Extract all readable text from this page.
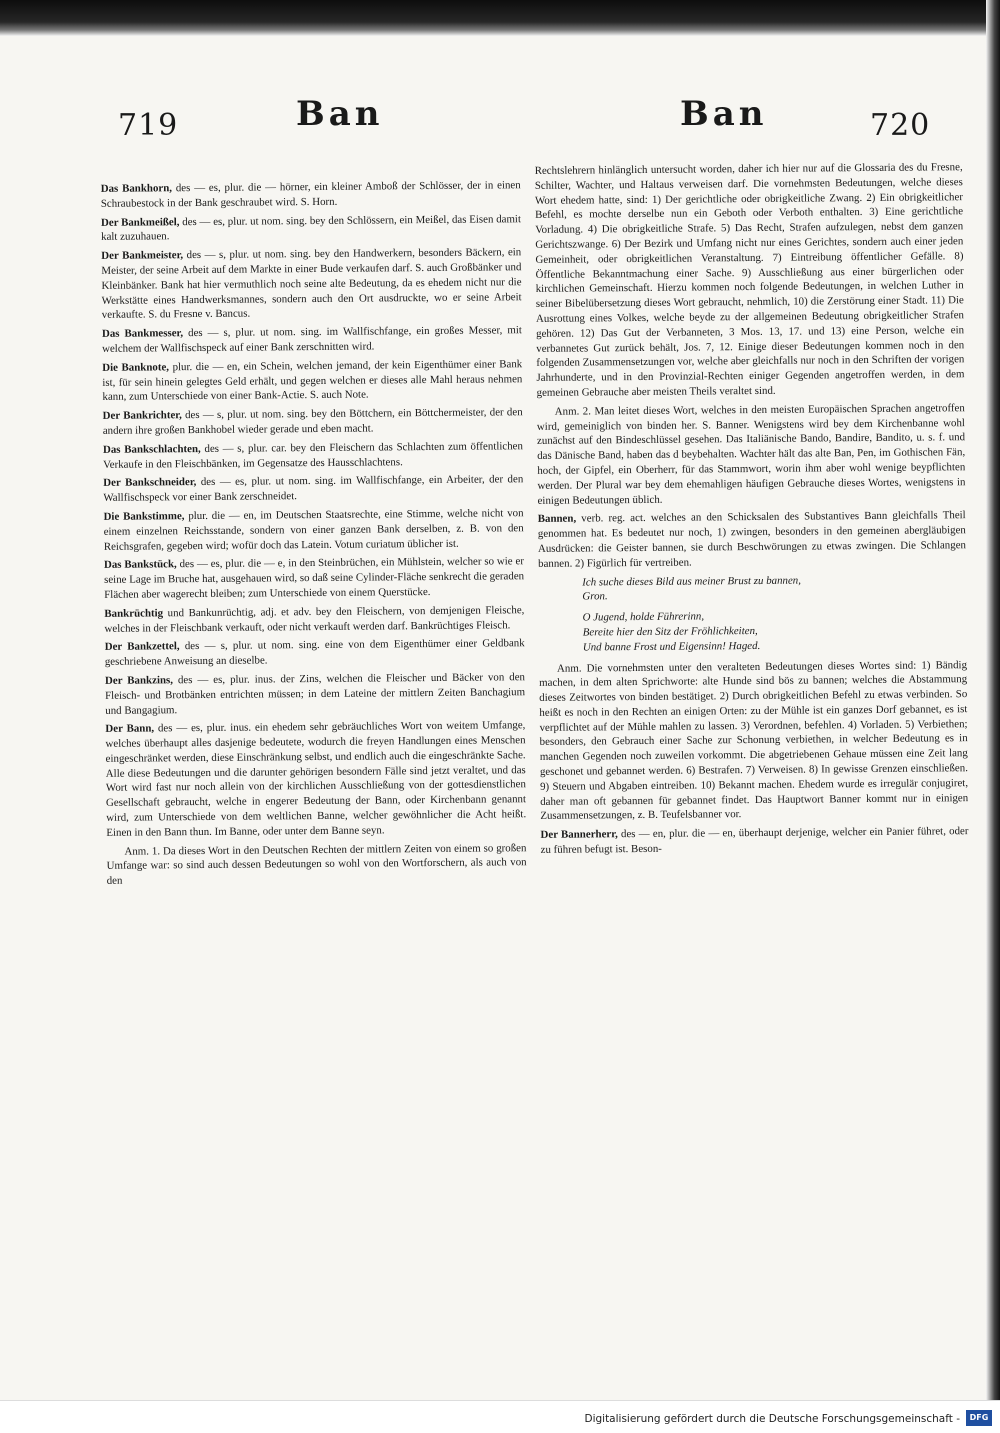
719	Ban	Ban	720

Das Bankhorn, des — es, plur. die — hörner, ein kleiner Amboß der Schlösser, der in einen Schraubestock in der Bank geschraubet wird. S. Horn.

Der Bankmeißel, des — es, plur. ut nom. sing. bey den Schlössern, ein Meißel, das Eisen damit kalt zuzuhauen.

Der Bankmeister, des — s, plur. ut nom. sing. bey den Handwerkern, besonders Bäckern, ein Meister, der seine Arbeit auf dem Markte in einer Bude verkaufen darf. S. auch Großbänker und Kleinbänker. Bank hat hier vermuthlich noch seine alte Bedeutung, da es ehedem nicht nur die Werkstätte eines Handwerksmannes, sondern auch den Ort ausdruckte, wo er seine Arbeit verkaufte. S. du Fresne v. Bancus.

Das Bankmesser, des — s, plur. ut nom. sing. im Wallfischfange, ein großes Messer, mit welchem der Wallfischspeck auf einer Bank zerschnitten wird.

Die Banknote, plur. die — en, ein Schein, welchen jemand, der kein Eigenthümer einer Bank ist, für sein hinein gelegtes Geld erhält, und gegen welchen er dieses alle Mahl heraus nehmen kann, zum Unterschiede von einer Bank-Actie. S. auch Note.

Der Bankrichter, des — s, plur. ut nom. sing. bey den Böttchern, ein Böttchermeister, der den andern ihre großen Bankhobel wieder gerade und eben macht.

Das Bankschlachten, des — s, plur. car. bey den Fleischern das Schlachten zum öffentlichen Verkaufe in den Fleischbänken, im Gegensatze des Hausschlachtens.

Der Bankschneider, des — es, plur. ut nom. sing. im Wallfischfange, ein Arbeiter, der den Wallfischspeck vor einer Bank zerschneidet.

Die Bankstimme, plur. die — en, im Deutschen Staatsrechte, eine Stimme, welche nicht von einem einzelnen Reichsstande, sondern von einer ganzen Bank derselben, z. B. von den Reichsgrafen, gegeben wird; wofür doch das Latein. Votum curiatum üblicher ist.

Das Bankstück, des — es, plur. die — e, in den Steinbrüchen, ein Mühlstein, welcher so wie er seine Lage im Bruche hat, ausgehauen wird, so daß seine Cylinder-Fläche senkrecht die geraden Flächen aber wagerecht bleiben; zum Unterschiede von einem Querstücke.

Bankrüchtig und Bankunrüchtig, adj. et adv. bey den Fleischern, von demjenigen Fleische, welches in der Fleischbank verkauft, oder nicht verkauft werden darf. Bankrüchtiges Fleisch.

Der Bankzettel, des — s, plur. ut nom. sing. eine von dem Eigenthümer einer Geldbank geschriebene Anweisung an dieselbe.

Der Bankzins, des — es, plur. inus. der Zins, welchen die Fleischer und Bäcker von den Fleisch- und Brotbänken entrichten müssen; in dem Lateine der mittlern Zeiten Banchagium und Bangagium.

Der Bann, des — es, plur. inus. ein ehedem sehr gebräuchliches Wort von weitem Umfange, welches überhaupt alles dasjenige bedeutete, wodurch die freyen Handlungen eines Menschen eingeschränket werden, diese Einschränkung selbst, und endlich auch die eingeschränkte Sache. Alle diese Bedeutungen und die darunter gehörigen besondern Fälle sind jetzt veraltet, und das Wort wird fast nur noch allein von der kirchlichen Ausschließung von der gottesdienstlichen Gesellschaft gebraucht, welche in engerer Bedeutung der Bann, oder Kirchenbann genannt wird, zum Unterschiede von dem weltlichen Banne, welcher gewöhnlicher die Acht heißt. Einen in den Bann thun. Im Banne, oder unter dem Banne seyn.

Anm. 1. Da dieses Wort in den Deutschen Rechten der mittlern Zeiten von einem so großen Umfange war: so sind auch dessen Bedeutungen so wohl von den Wortforschern, als auch von den

Rechtslehrern hinlänglich untersucht worden, daher ich hier nur auf die Glossaria des du Fresne, Schilter, Wachter, und Haltaus verweisen darf. Die vornehmsten Bedeutungen, welche dieses Wort ehedem hatte, sind: 1) Der gerichtliche oder obrigkeitliche Zwang. 2) Ein obrigkeitlicher Befehl, es mochte derselbe nun ein Geboth oder Verboth enthalten. 3) Eine gerichtliche Vorladung. 4) Die obrigkeitliche Strafe. 5) Das Recht, Strafen aufzulegen, nebst dem ganzen Gerichtszwange. 6) Der Bezirk und Umfang nicht nur eines Gerichtes, sondern auch einer jeden Gemeinheit, oder obrigkeitlichen Veranstaltung. 7) Eintreibung öffentlicher Gefälle. 8) Öffentliche Bekanntmachung einer Sache. 9) Ausschließung aus einer bürgerlichen oder kirchlichen Gemeinschaft. Hierzu kommen noch folgende Bedeutungen, in welchen Luther in seiner Bibelübersetzung dieses Wort gebraucht, nehmlich, 10) die Zerstörung einer Stadt. 11) Die Ausrottung eines Volkes, welche beyde zu der allgemeinen Bedeutung obrigkeitlicher Strafen gehören. 12) Das Gut der Verbanneten, 3 Mos. 13, 17. und 13) eine Person, welche ein verbannetes Gut zurück behält, Jos. 7, 12. Einige dieser Bedeutungen kommen noch in den folgenden Zusammensetzungen vor, welche aber gleichfalls nur noch in den Schriften der vorigen Jahrhunderte, und in den Provinzial-Rechten einiger Gegenden angetroffen werden, in dem gemeinen Gebrauche aber meisten Theils veraltet sind.

Anm. 2. Man leitet dieses Wort, welches in den meisten Europäischen Sprachen angetroffen wird, gemeiniglich von binden her. S. Banner. Wenigstens wird bey dem Kirchenbanne wohl zunächst auf den Bindeschlüssel gesehen. Das Italiänische Bando, Bandire, Bandito, u. s. f. und das Dänische Band, haben das d beybehalten. Wachter hält das alte Ban, Pen, im Gothischen Fän, hoch, der Gipfel, ein Oberherr, für das Stammwort, worin ihm aber wohl wenige beypflichten werden. Der Plural war bey dem ehemahligen häufigen Gebrauche dieses Wortes, wenigstens in einigen Bedeutungen üblich.

Bannen, verb. reg. act. welches an den Schicksalen des Substantives Bann gleichfalls Theil genommen hat. Es bedeutet nur noch, 1) zwingen, besonders in den gemeinen abergläubigen Ausdrücken: die Geister bannen, sie durch Beschwörungen zu etwas zwingen. Die Schlangen bannen. 2) Figürlich für vertreiben.

Ich suche dieses Bild aus meiner Brust zu bannen,
Gron.
O Jugend, holde Führerinn,
Bereite hier den Sitz der Fröhlichkeiten,
Und banne Frost und Eigensinn! Haged.

Anm. Die vornehmsten unter den veralteten Bedeutungen dieses Wortes sind: 1) Bändig machen, in dem alten Sprichworte: alte Hunde sind bös zu bannen; welches die Abstammung dieses Zeitwortes von binden bestätiget. 2) Durch obrigkeitlichen Befehl zu etwas verbinden. So heißt es noch in den Rechten an einigen Orten: zu der Mühle ist ein ganzes Dorf gebannet, es ist verpflichtet auf der Mühle mahlen zu lassen. 3) Verordnen, befehlen. 4) Vorladen. 5) Verbiethen; besonders, den Gebrauch einer Sache zur Schonung verbiethen, in welcher Bedeutung es in manchen Gegenden noch zuweilen vorkommt. Die abgetriebenen Gehaue müssen eine Zeit lang geschonet und gebannet werden. 6) Bestrafen. 7) Verweisen. 8) In gewisse Grenzen einschließen. 9) Steuern und Abgaben eintreiben. 10) Bekannt machen. Ehedem wurde es irregulär conjugiret, daher man oft gebannen für gebannet findet. Das Hauptwort Banner kommt nur in einigen Zusammensetzungen, z. B. Teufelsbanner vor.

Der Bannerherr, des — en, plur. die — en, überhaupt derjenige, welcher ein Panier führet, oder zu führen befugt ist. Beson-

Digitalisierung gefördert durch die Deutsche Forschungsgemeinschaft -	DFG
